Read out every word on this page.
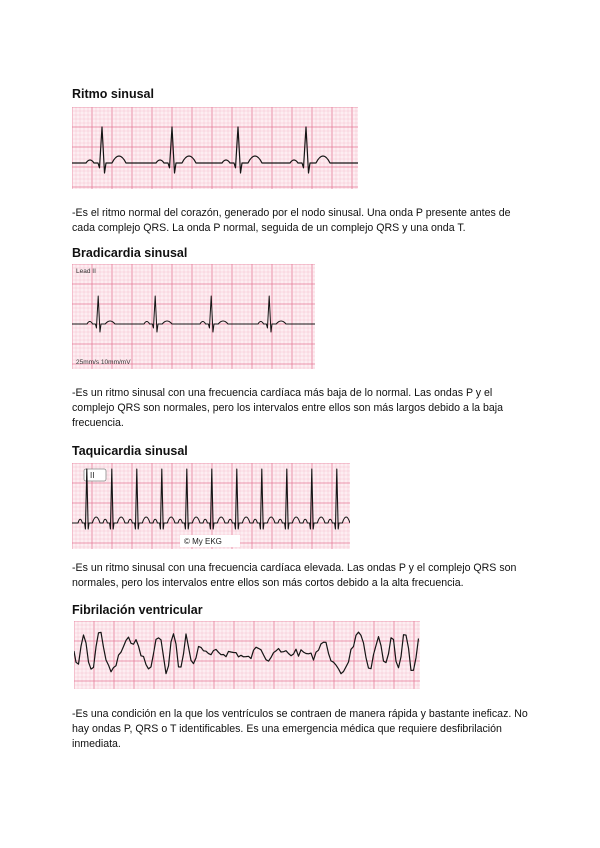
Ritmo sinusal

-Es el ritmo normal del corazón, generado por el nodo sinusal. Una onda P presente antes de cada complejo QRS. La onda P normal, seguida de un complejo QRS y una onda T.

Bradicardia sinusal
Lead II
25mm/s 10mm/mV

-Es un ritmo sinusal con una frecuencia cardíaca más baja de lo normal. Las ondas P y el complejo QRS son normales, pero los intervalos entre ellos son más largos debido a la baja frecuencia.

Taquicardia sinusal
II
© My EKG

-Es un ritmo sinusal con una frecuencia cardíaca elevada. Las ondas P y el complejo QRS son normales, pero los intervalos entre ellos son más cortos debido a la alta frecuencia.

Fibrilación ventricular

-Es una condición en la que los ventrículos se contraen de manera rápida y bastante ineficaz. No hay ondas P, QRS o T identificables. Es una emergencia médica que requiere desfibrilación inmediata.
